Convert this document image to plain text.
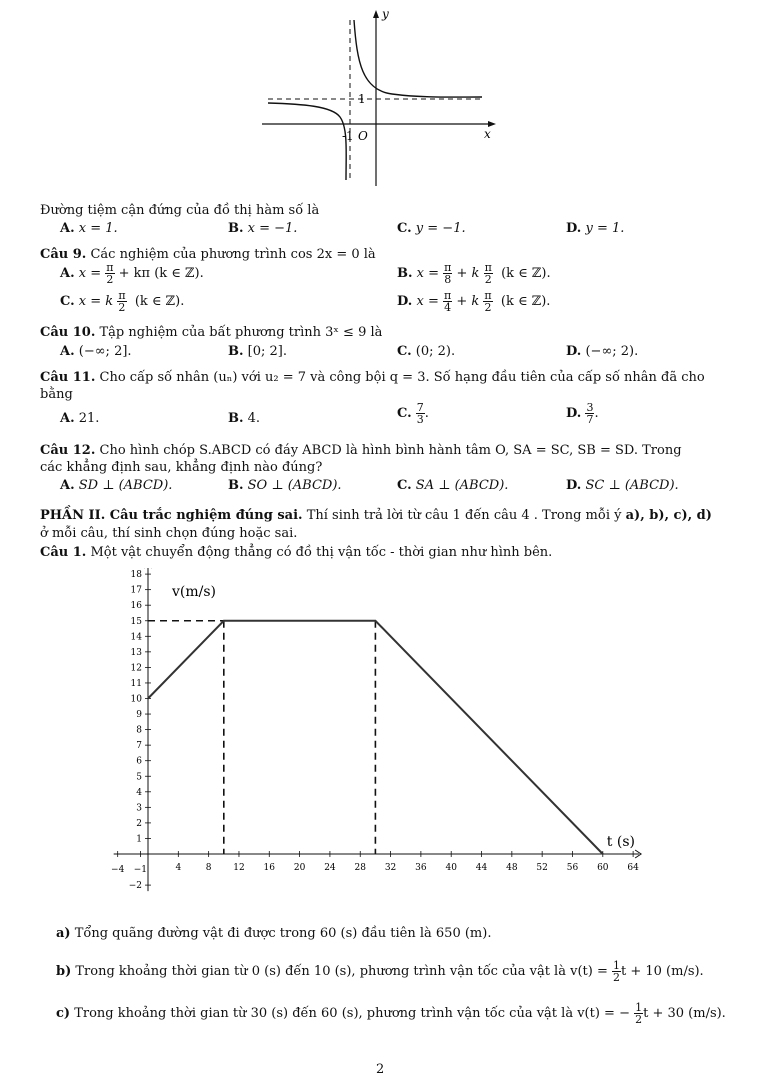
y
x
1
-1 O
Đường tiệm cận đứng của đồ thị hàm số là
A. x = 1.	B. x = −1.	C. y = −1.	D. y = 1.
Câu 9. Các nghiệm của phương trình cos 2x = 0 là
A. $x = \frac{\pi}{2} + k\pi$ (k ∈ ℤ).	B. $x = \frac{\pi}{8} + k \frac{\pi}{2} (k$ ∈ ℤ).
C. x = k $\frac{\pi}{2} (k$ ∈ ℤ).	D. $x = \frac{\pi}{4} + k \frac{\pi}{2} (k$ ∈ ℤ).
Câu 10. Tập nghiệm của bất phương trình 3ˣ ≤ 9 là
A. (−∞; 2].	B. [0; 2].	C. (0; 2).	D. (−∞; 2).
Câu 11. Cho cấp số nhân (uₙ) với u₂ = 7 và công bội q = 3. Số hạng đầu tiên của cấp số nhân đã cho
bằng
A. 21.	B. 4.	C. $\frac{7}{3}$ .	D. $\frac{3}{7}$ .
Câu 12. Cho hình chóp S.ABCD có đáy ABCD là hình bình hành tâm O, SA = SC, SB = SD. Trong
các khẳng định sau, khẳng định nào đúng?
A. SD ⊥ (ABCD).	B. SO ⊥ (ABCD).	C. SA ⊥ (ABCD).	D. SC ⊥ (ABCD).
PHẦN II. Câu trắc nghiệm đúng sai. Thí sinh trả lời từ câu 1 đến câu 4 . Trong mỗi ý a), b), c), d)
ở mỗi câu, thí sinh chọn đúng hoặc sai.
Câu 1. Một vật chuyển động thẳng có đồ thị vận tốc - thời gian như hình bên.
−4 −1	4	8 12 16 20 24 28 32 36 40 44 48 52 56 60 64
−2
1
2
3
4
5
6
7
8
9
10
11
12
13
14
15
16
17
18
v(m/s)
t (s)
a) Tổng quãng đường vật đi được trong 60 (s) đầu tiên là 650 (m).
b) Trong khoảng thời gian từ 0 (s) đến 10 (s), phương trình vận tốc của vật là $v(t) = \frac{1}{2}$ t + 10 (m/s).
c) Trong khoảng thời gian từ 30 (s) đến 60 (s), phương trình vận tốc của vật là v(t) = − $\frac{1}{2}$ t + 30 (m/s).
2
